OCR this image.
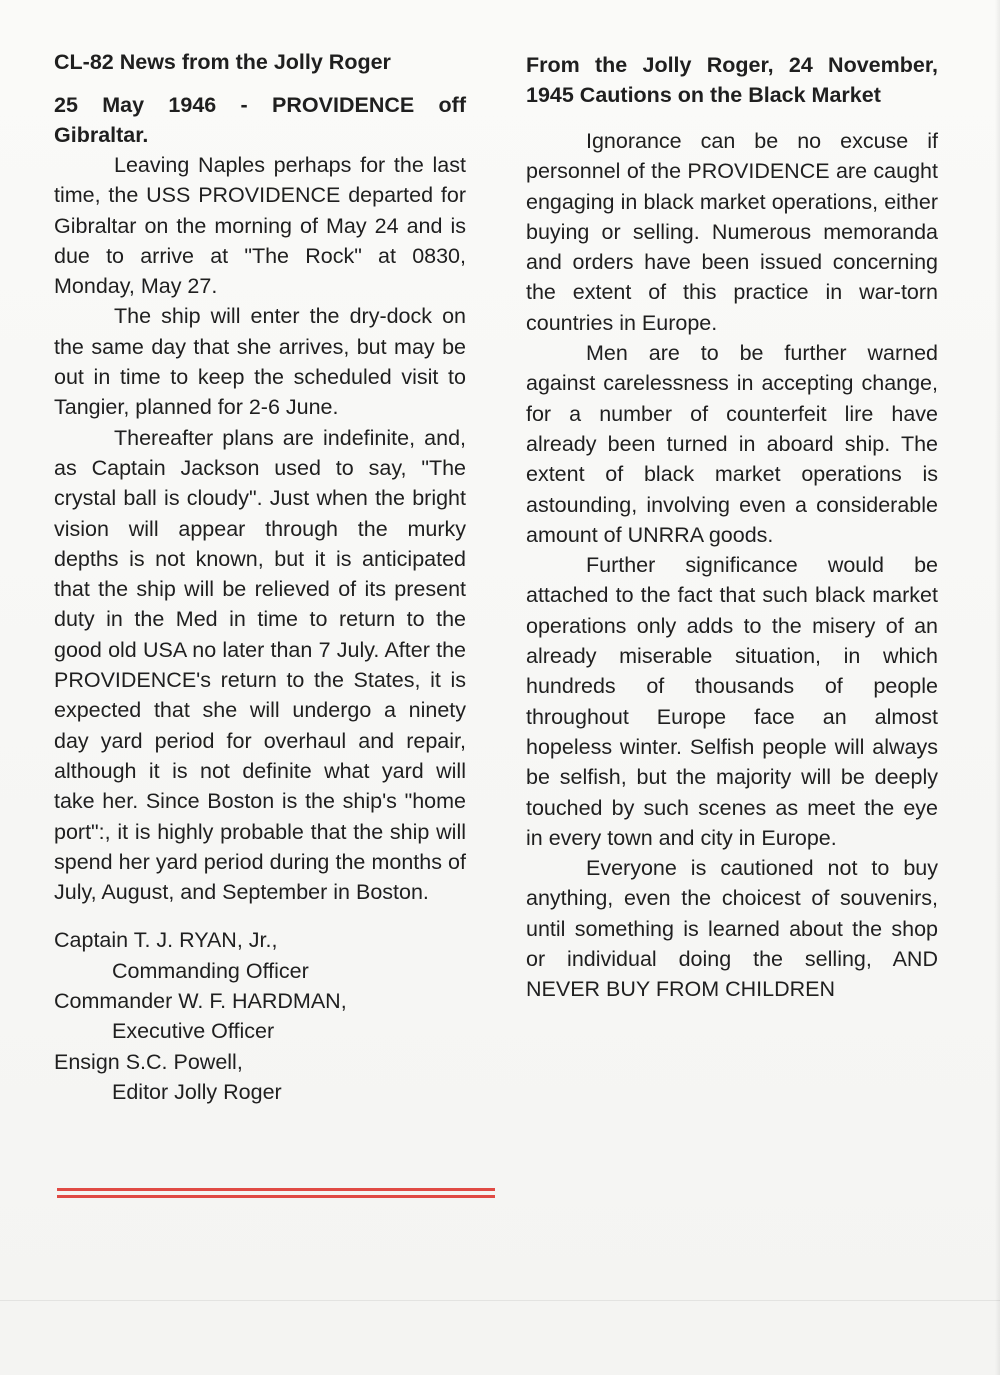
CL-82 News from the Jolly Roger
25 May 1946 - PROVIDENCE off Gibraltar.

Leaving Naples perhaps for the last time, the USS PROVIDENCE departed for Gibraltar on the morning of May 24 and is due to arrive at "The Rock" at 0830, Monday, May 27.

The ship will enter the dry-dock on the same day that she arrives, but may be out in time to keep the scheduled visit to Tangier, planned for 2-6 June.

Thereafter plans are indefinite, and, as Captain Jackson used to say, "The crystal ball is cloudy". Just when the bright vision will appear through the murky depths is not known, but it is anticipated that the ship will be relieved of its present duty in the Med in time to return to the good old USA no later than 7 July. After the PROVIDENCE's return to the States, it is expected that she will undergo a ninety day yard period for overhaul and repair, although it is not definite what yard will take her. Since Boston is the ship's "home port":, it is highly probable that the ship will spend her yard period during the months of July, August, and September in Boston.

Captain T. J. RYAN, Jr.,
Commanding Officer
Commander W. F. HARDMAN,
Executive Officer
Ensign S.C. Powell,
Editor Jolly Roger
From the Jolly Roger, 24 November, 1945 Cautions on the Black Market

Ignorance can be no excuse if personnel of the PROVIDENCE are caught engaging in black market operations, either buying or selling. Numerous memoranda and orders have been issued concerning the extent of this practice in war-torn countries in Europe.

Men are to be further warned against carelessness in accepting change, for a number of counterfeit lire have already been turned in aboard ship. The extent of black market operations is astounding, involving even a considerable amount of UNRRA goods.

Further significance would be attached to the fact that such black market operations only adds to the misery of an already miserable situation, in which hundreds of thousands of people throughout Europe face an almost hopeless winter. Selfish people will always be selfish, but the majority will be deeply touched by such scenes as meet the eye in every town and city in Europe.

Everyone is cautioned not to buy anything, even the choicest of souvenirs, until something is learned about the shop or individual doing the selling, AND NEVER BUY FROM CHILDREN
